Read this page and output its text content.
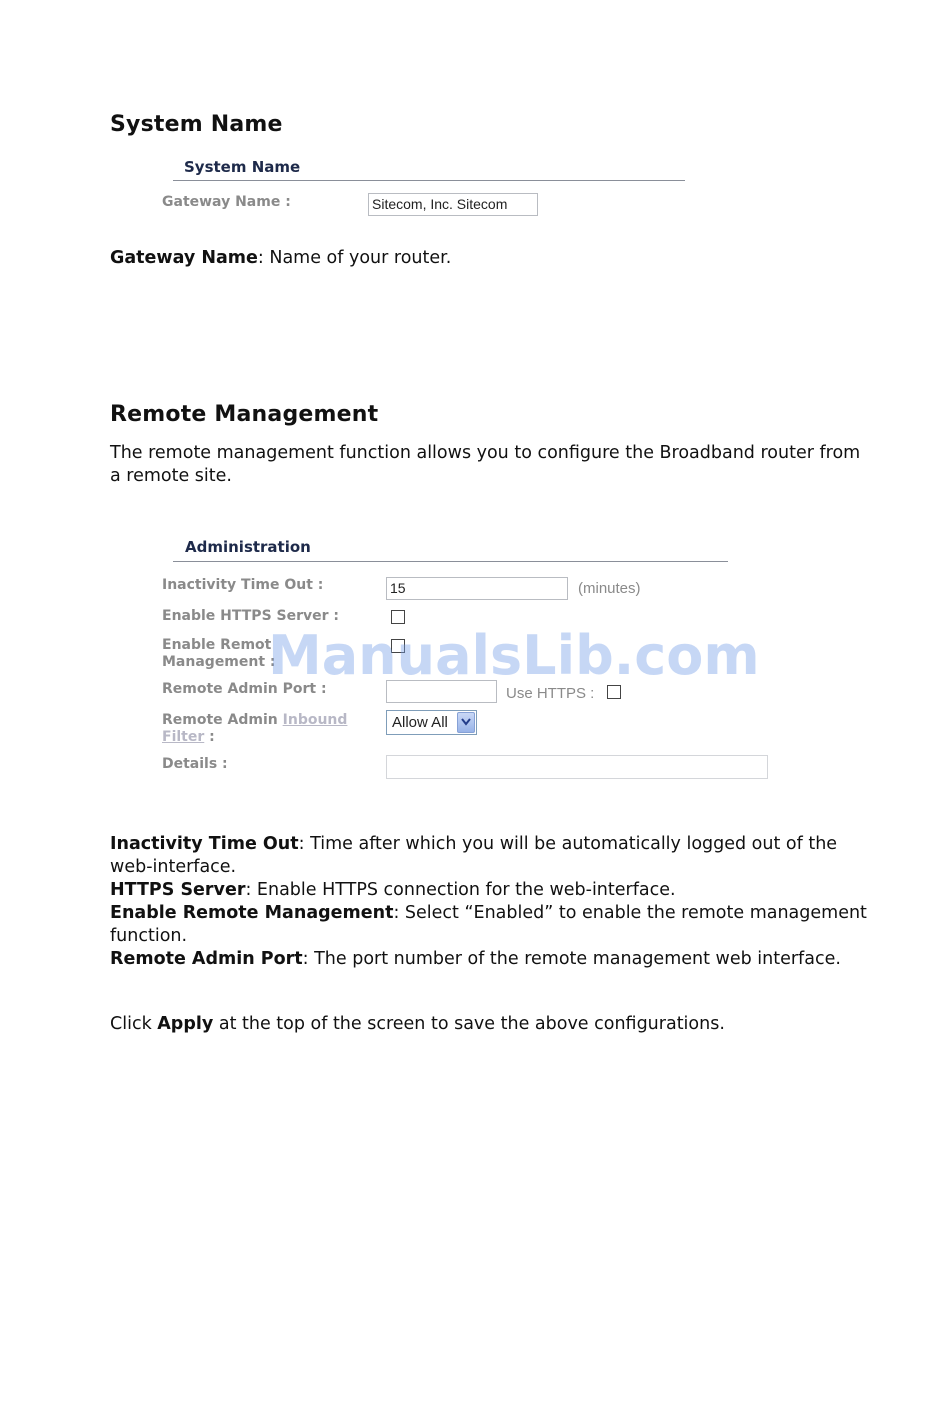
System Name
System Name
Gateway Name :	Sitecom, Inc. Sitecom

Gateway Name: Name of your router.

Remote Management

The remote management function allows you to configure the Broadband router from a remote site.

Administration
Inactivity Time Out :	15	(minutes)
Enable HTTPS Server :
Enable Remot
Management :
Remote Admin Port :	Use HTTPS :
Remote Admin Inbound
Filter :
Allow All
Details :
ManualsLib.com
Inactivity Time Out: Time after which you will be automatically logged out of the web-interface.
HTTPS Server: Enable HTTPS connection for the web-interface.
Enable Remote Management: Select “Enabled” to enable the remote management function.
Remote Admin Port: The port number of the remote management web interface.

Click Apply at the top of the screen to save the above configurations.
